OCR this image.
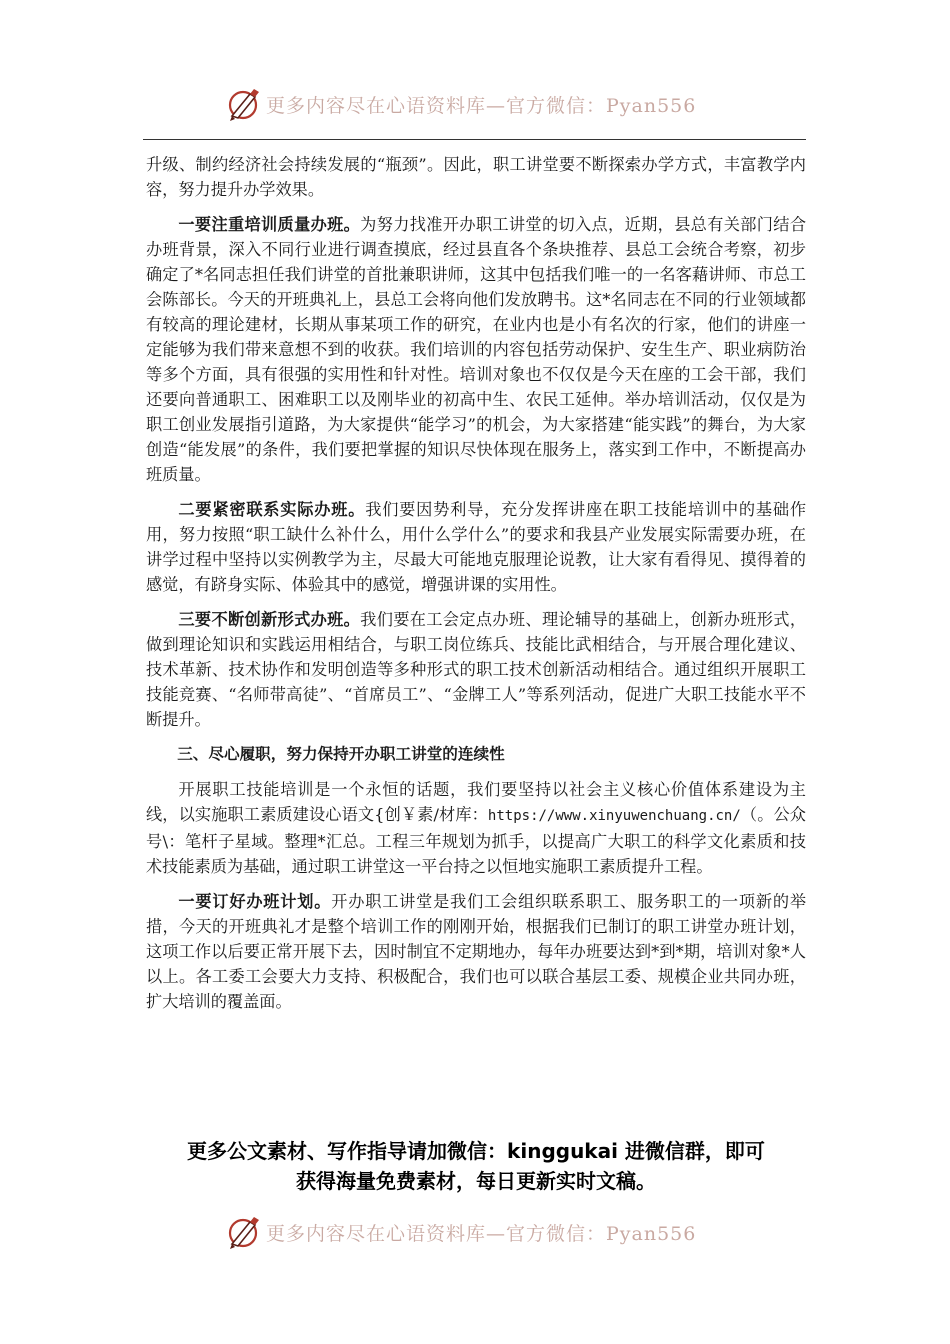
更多内容尽在心语资料库—官方微信：Pyan556

升级、制约经济社会持续发展的“瓶颈”。因此，职工讲堂要不断探索办学方式，丰富教学内容，努力提升办学效果。

一要注重培训质量办班。为努力找准开办职工讲堂的切入点，近期，县总有关部门结合办班背景，深入不同行业进行调查摸底，经过县直各个条块推荐、县总工会统合考察，初步确定了*名同志担任我们讲堂的首批兼职讲师，这其中包括我们唯一的一名客藉讲师、市总工会陈部长。今天的开班典礼上，县总工会将向他们发放聘书。这*名同志在不同的行业领域都有较高的理论建材，长期从事某项工作的研究，在业内也是小有名次的行家，他们的讲座一定能够为我们带来意想不到的收获。我们培训的内容包括劳动保护、安生生产、职业病防治等多个方面，具有很强的实用性和针对性。培训对象也不仅仅是今天在座的工会干部，我们还要向普通职工、困难职工以及刚毕业的初高中生、农民工延伸。举办培训活动，仅仅是为职工创业发展指引道路，为大家提供“能学习”的机会，为大家搭建“能实践”的舞台，为大家创造“能发展”的条件，我们要把掌握的知识尽快体现在服务上，落实到工作中，不断提高办班质量。

二要紧密联系实际办班。我们要因势利导，充分发挥讲座在职工技能培训中的基础作用，努力按照“职工缺什么补什么，用什么学什么”的要求和我县产业发展实际需要办班，在讲学过程中坚持以实例教学为主，尽最大可能地克服理论说教，让大家有看得见、摸得着的感觉，有跻身实际、体验其中的感觉，增强讲课的实用性。

三要不断创新形式办班。我们要在工会定点办班、理论辅导的基础上，创新办班形式，做到理论知识和实践运用相结合，与职工岗位练兵、技能比武相结合，与开展合理化建议、技术革新、技术协作和发明创造等多种形式的职工技术创新活动相结合。通过组织开展职工技能竞赛、“名师带高徒”、“首席员工”、“金牌工人”等系列活动，促进广大职工技能水平不断提升。

三、尽心履职，努力保持开办职工讲堂的连续性

开展职工技能培训是一个永恒的话题，我们要坚持以社会主义核心价值体系建设为主线，以实施职工素质建设心语文{创￥素/材库：https://www.xinyuwenchuang.cn/（。公众号\：笔杆子星域。整理*汇总。工程三年规划为抓手，以提高广大职工的科学文化素质和技术技能素质为基础，通过职工讲堂这一平台持之以恒地实施职工素质提升工程。

一要订好办班计划。开办职工讲堂是我们工会组织联系职工、服务职工的一项新的举措，今天的开班典礼才是整个培训工作的刚刚开始，根据我们已制订的职工讲堂办班计划，这项工作以后要正常开展下去，因时制宜不定期地办，每年办班要达到*到*期，培训对象*人以上。各工委工会要大力支持、积极配合，我们也可以联合基层工委、规模企业共同办班，扩大培训的覆盖面。

更多公文素材、写作指导请加微信：kinggukai 进微信群，即可
获得海量免费素材，每日更新实时文稿。
更多内容尽在心语资料库—官方微信：Pyan556
